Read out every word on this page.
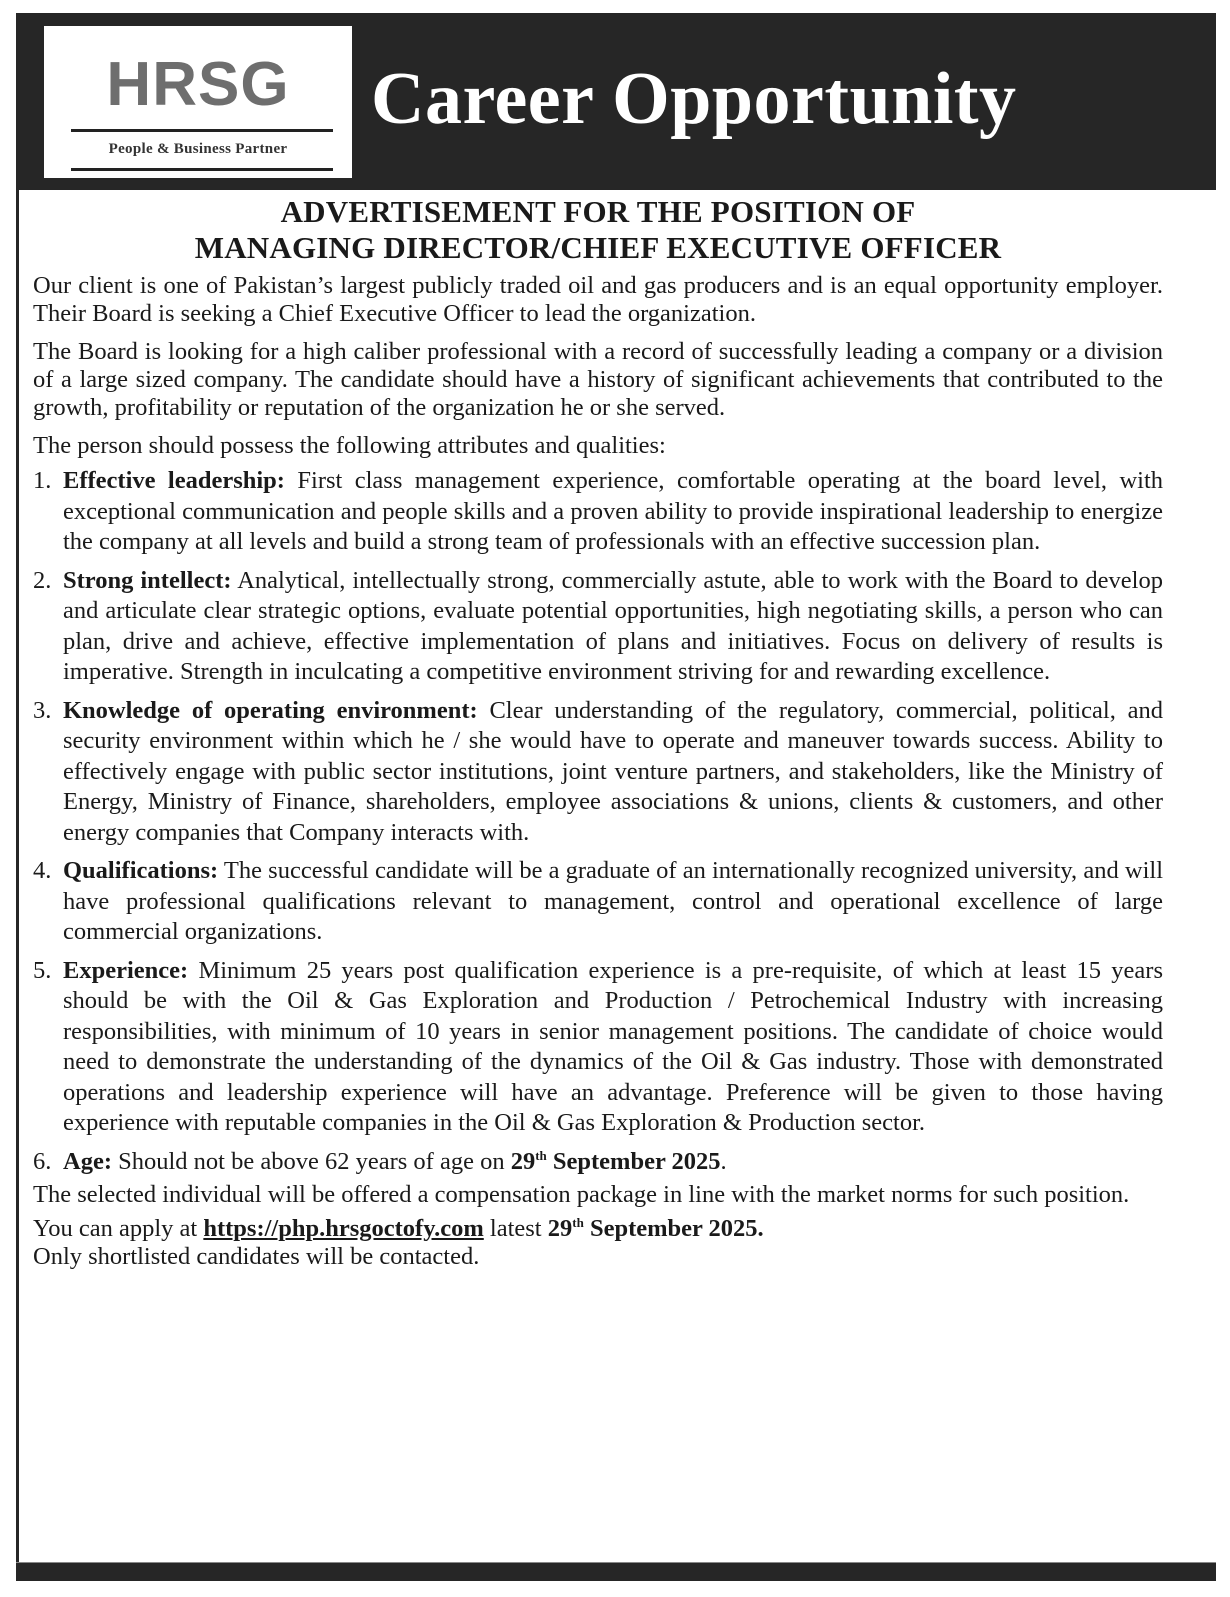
HRSG
People & Business Partner
Career Opportunity
ADVERTISEMENT FOR THE POSITION OF
MANAGING DIRECTOR/CHIEF EXECUTIVE OFFICER

Our client is one of Pakistan’s largest publicly traded oil and gas producers and is an equal opportunity employer. Their Board is seeking a Chief Executive Officer to lead the organization.

The Board is looking for a high caliber professional with a record of successfully leading a company or a division of a large sized company. The candidate should have a history of significant achievements that contributed to the growth, profitability or reputation of the organization he or she served.

The person should possess the following attributes and qualities:

1. Effective leadership: First class management experience, comfortable operating at the board level, with exceptional communication and people skills and a proven ability to provide inspirational leadership to energize the company at all levels and build a strong team of professionals with an effective succession plan.
2. Strong intellect: Analytical, intellectually strong, commercially astute, able to work with the Board to develop and articulate clear strategic options, evaluate potential opportunities, high negotiating skills, a person who can plan, drive and achieve, effective implementation of plans and initiatives. Focus on delivery of results is imperative. Strength in inculcating a competitive environment striving for and rewarding excellence.
3. Knowledge of operating environment: Clear understanding of the regulatory, commercial, political, and security environment within which he / she would have to operate and maneuver towards success. Ability to effectively engage with public sector institutions, joint venture partners, and stakeholders, like the Ministry of Energy, Ministry of Finance, shareholders, employee associations & unions, clients & customers, and other energy companies that Company interacts with.
4. Qualifications: The successful candidate will be a graduate of an internationally recognized university, and will have professional qualifications relevant to management, control and operational excellence of large commercial organizations.
5. Experience: Minimum 25 years post qualification experience is a pre-requisite, of which at least 15 years should be with the Oil & Gas Exploration and Production / Petrochemical Industry with increasing responsibilities, with minimum of 10 years in senior management positions. The candidate of choice would need to demonstrate the understanding of the dynamics of the Oil & Gas industry. Those with demonstrated operations and leadership experience will have an advantage. Preference will be given to those having experience with reputable companies in the Oil & Gas Exploration & Production sector.
6. Age: Should not be above 62 years of age on 29th September 2025.

The selected individual will be offered a compensation package in line with the market norms for such position.

You can apply at https://php.hrsgoctofy.com latest 29th September 2025.
Only shortlisted candidates will be contacted.
